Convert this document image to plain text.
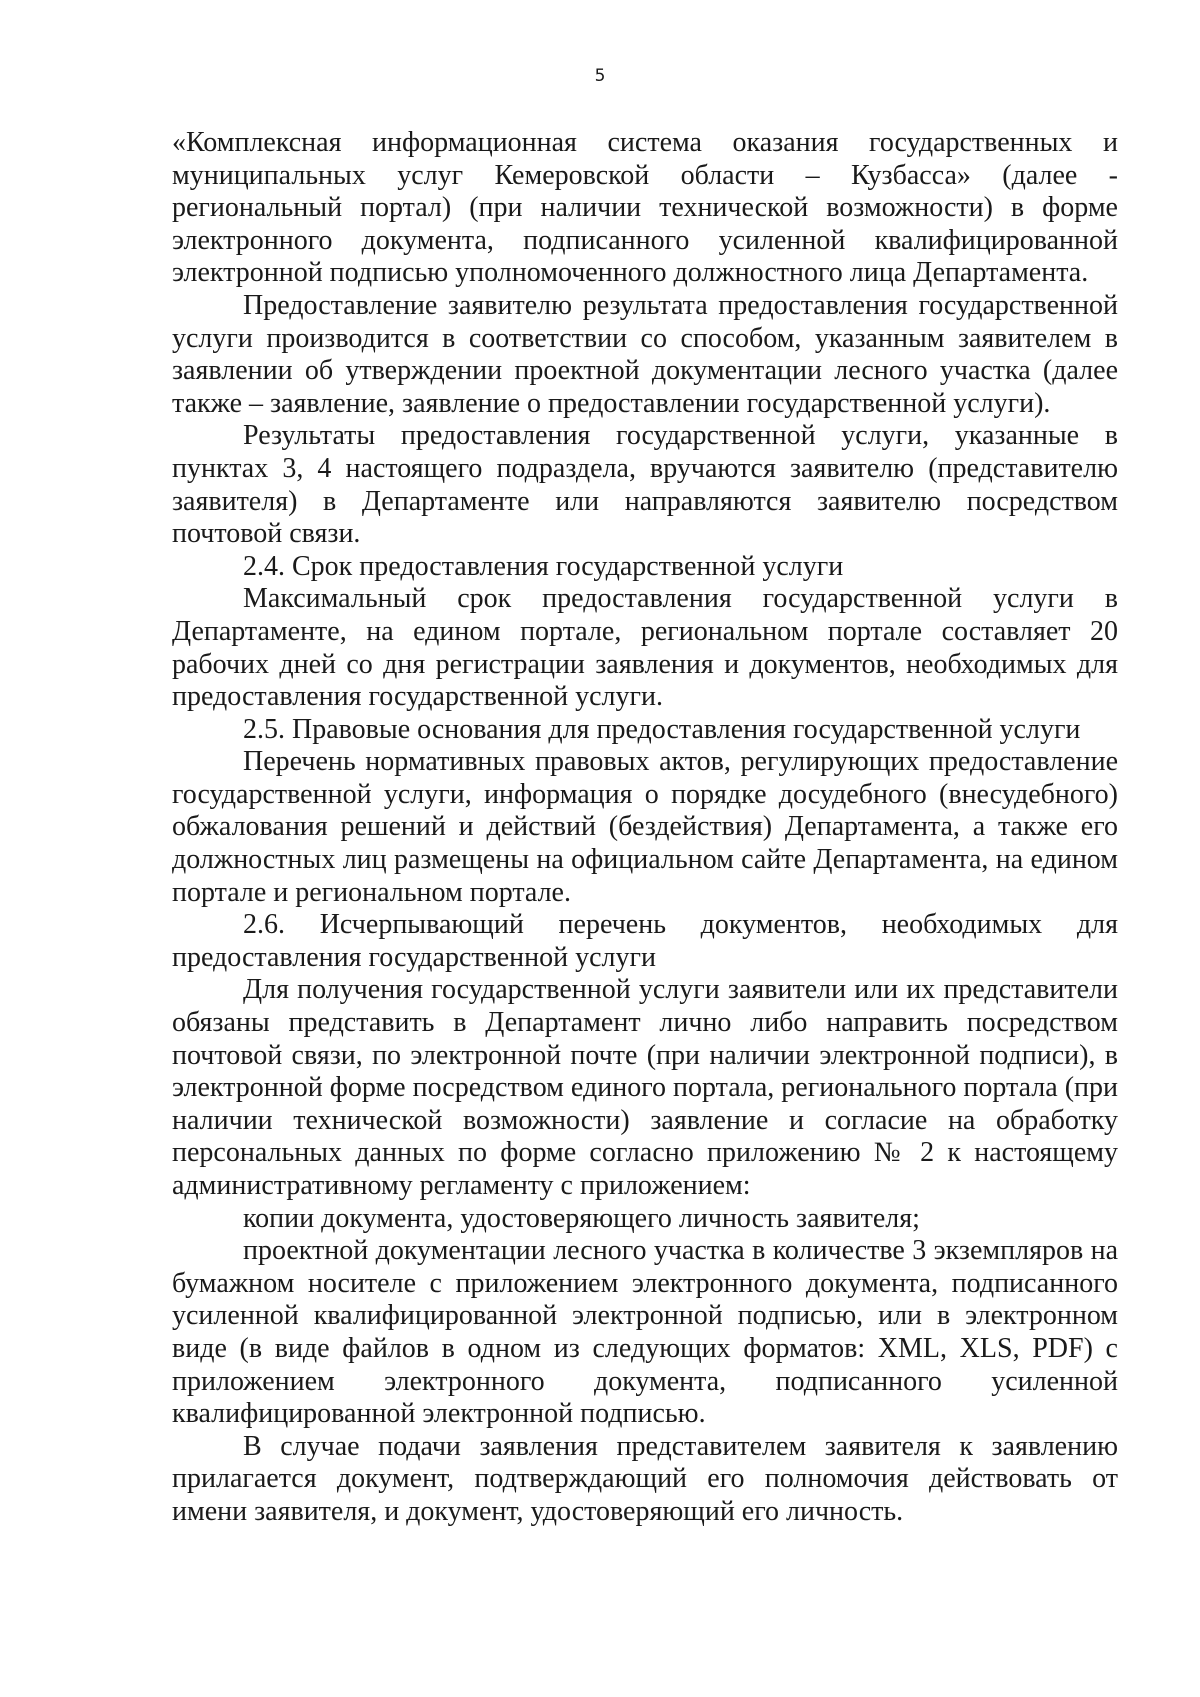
5

«Комплексная информационная система оказания государственных и муниципальных услуг Кемеровской области – Кузбасса» (далее - региональный портал) (при наличии технической возможности) в форме электронного документа, подписанного усиленной квалифицированной электронной подписью уполномоченного должностного лица Департамента.

Предоставление заявителю результата предоставления государственной услуги производится в соответствии со способом, указанным заявителем в заявлении об утверждении проектной документации лесного участка (далее также – заявление, заявление о предоставлении государственной услуги).

Результаты предоставления государственной услуги, указанные в пунктах 3, 4 настоящего подраздела, вручаются заявителю (представителю заявителя) в Департаменте или направляются заявителю посредством почтовой связи.

2.4. Срок предоставления государственной услуги

Максимальный срок предоставления государственной услуги в Департаменте, на едином портале, региональном портале составляет 20 рабочих дней со дня регистрации заявления и документов, необходимых для предоставления государственной услуги.

2.5. Правовые основания для предоставления государственной услуги

Перечень нормативных правовых актов, регулирующих предоставление государственной услуги, информация о порядке досудебного (внесудебного) обжалования решений и действий (бездействия) Департамента, а также его должностных лиц размещены на официальном сайте Департамента, на едином портале и региональном портале.

2.6. Исчерпывающий перечень документов, необходимых для предоставления государственной услуги

Для получения государственной услуги заявители или их представители обязаны представить в Департамент лично либо направить посредством почтовой связи, по электронной почте (при наличии электронной подписи), в электронной форме посредством единого портала, регионального портала (при наличии технической возможности) заявление и согласие на обработку персональных данных по форме согласно приложению № 2 к настоящему административному регламенту с приложением:

копии документа, удостоверяющего личность заявителя;

проектной документации лесного участка в количестве 3 экземпляров на бумажном носителе с приложением электронного документа, подписанного усиленной квалифицированной электронной подписью, или в электронном виде (в виде файлов в одном из следующих форматов: XML, XLS, PDF) с приложением электронного документа, подписанного усиленной квалифицированной электронной подписью.

В случае подачи заявления представителем заявителя к заявлению прилагается документ, подтверждающий его полномочия действовать от имени заявителя, и документ, удостоверяющий его личность.
